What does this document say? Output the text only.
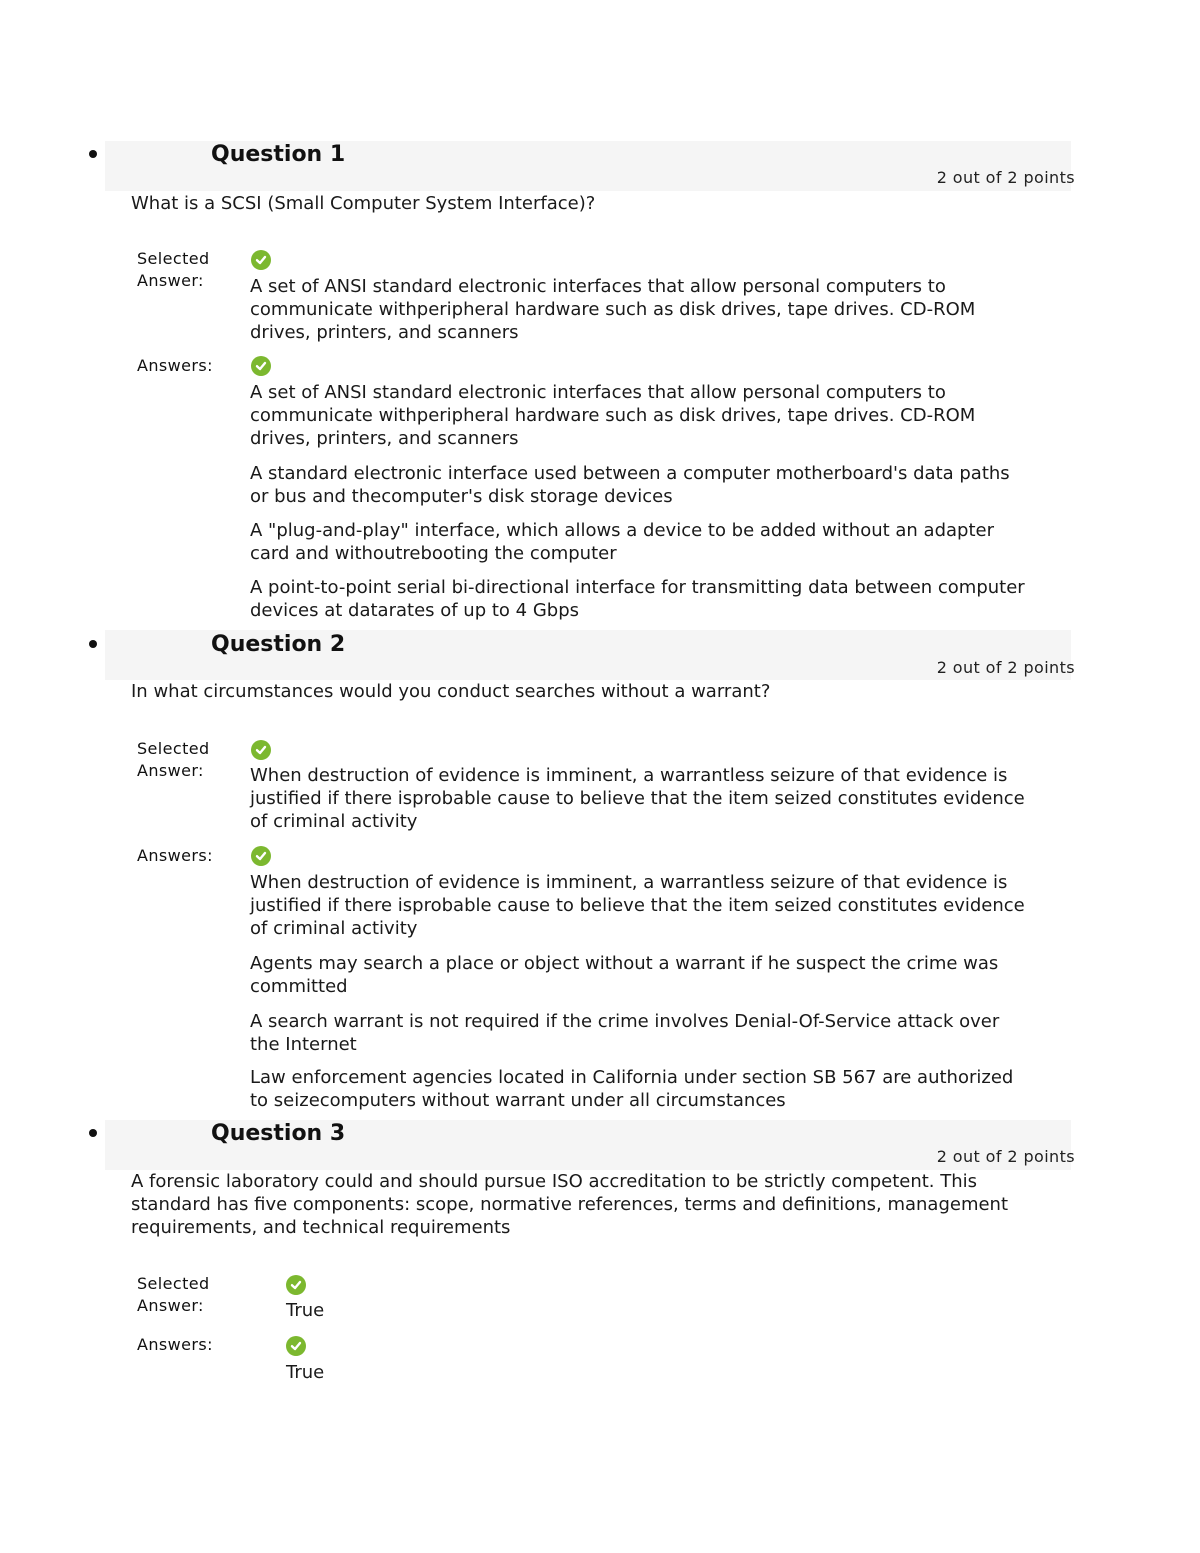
Question 1
2 out of 2 points
What is a SCSI (Small Computer System Interface)?
Selected
Answer:	A set of ANSI standard electronic interfaces that allow personal computers to communicate withperipheral hardware such as disk drives, tape drives. CD-ROM drives, printers, and scanners
Answers:
A set of ANSI standard electronic interfaces that allow personal computers to communicate withperipheral hardware such as disk drives, tape drives. CD-ROM drives, printers, and scanners
A standard electronic interface used between a computer motherboard's data paths or bus and thecomputer's disk storage devices
A "plug-and-play" interface, which allows a device to be added without an adapter card and withoutrebooting the computer
A point-to-point serial bi-directional interface for transmitting data between computer devices at datarates of up to 4 Gbps
Question 2
2 out of 2 points
In what circumstances would you conduct searches without a warrant?
Selected
Answer:	When destruction of evidence is imminent, a warrantless seizure of that evidence is justified if there isprobable cause to believe that the item seized constitutes evidence of criminal activity
Answers:
When destruction of evidence is imminent, a warrantless seizure of that evidence is justified if there isprobable cause to believe that the item seized constitutes evidence of criminal activity
Agents may search a place or object without a warrant if he suspect the crime was committed
A search warrant is not required if the crime involves Denial-Of-Service attack over the Internet
Law enforcement agencies located in California under section SB 567 are authorized to seizecomputers without warrant under all circumstances
Question 3
2 out of 2 points
A forensic laboratory could and should pursue ISO accreditation to be strictly competent. This standard has five components: scope, normative references, terms and definitions, management requirements, and technical requirements
Selected
Answer:	True
Answers:
True
